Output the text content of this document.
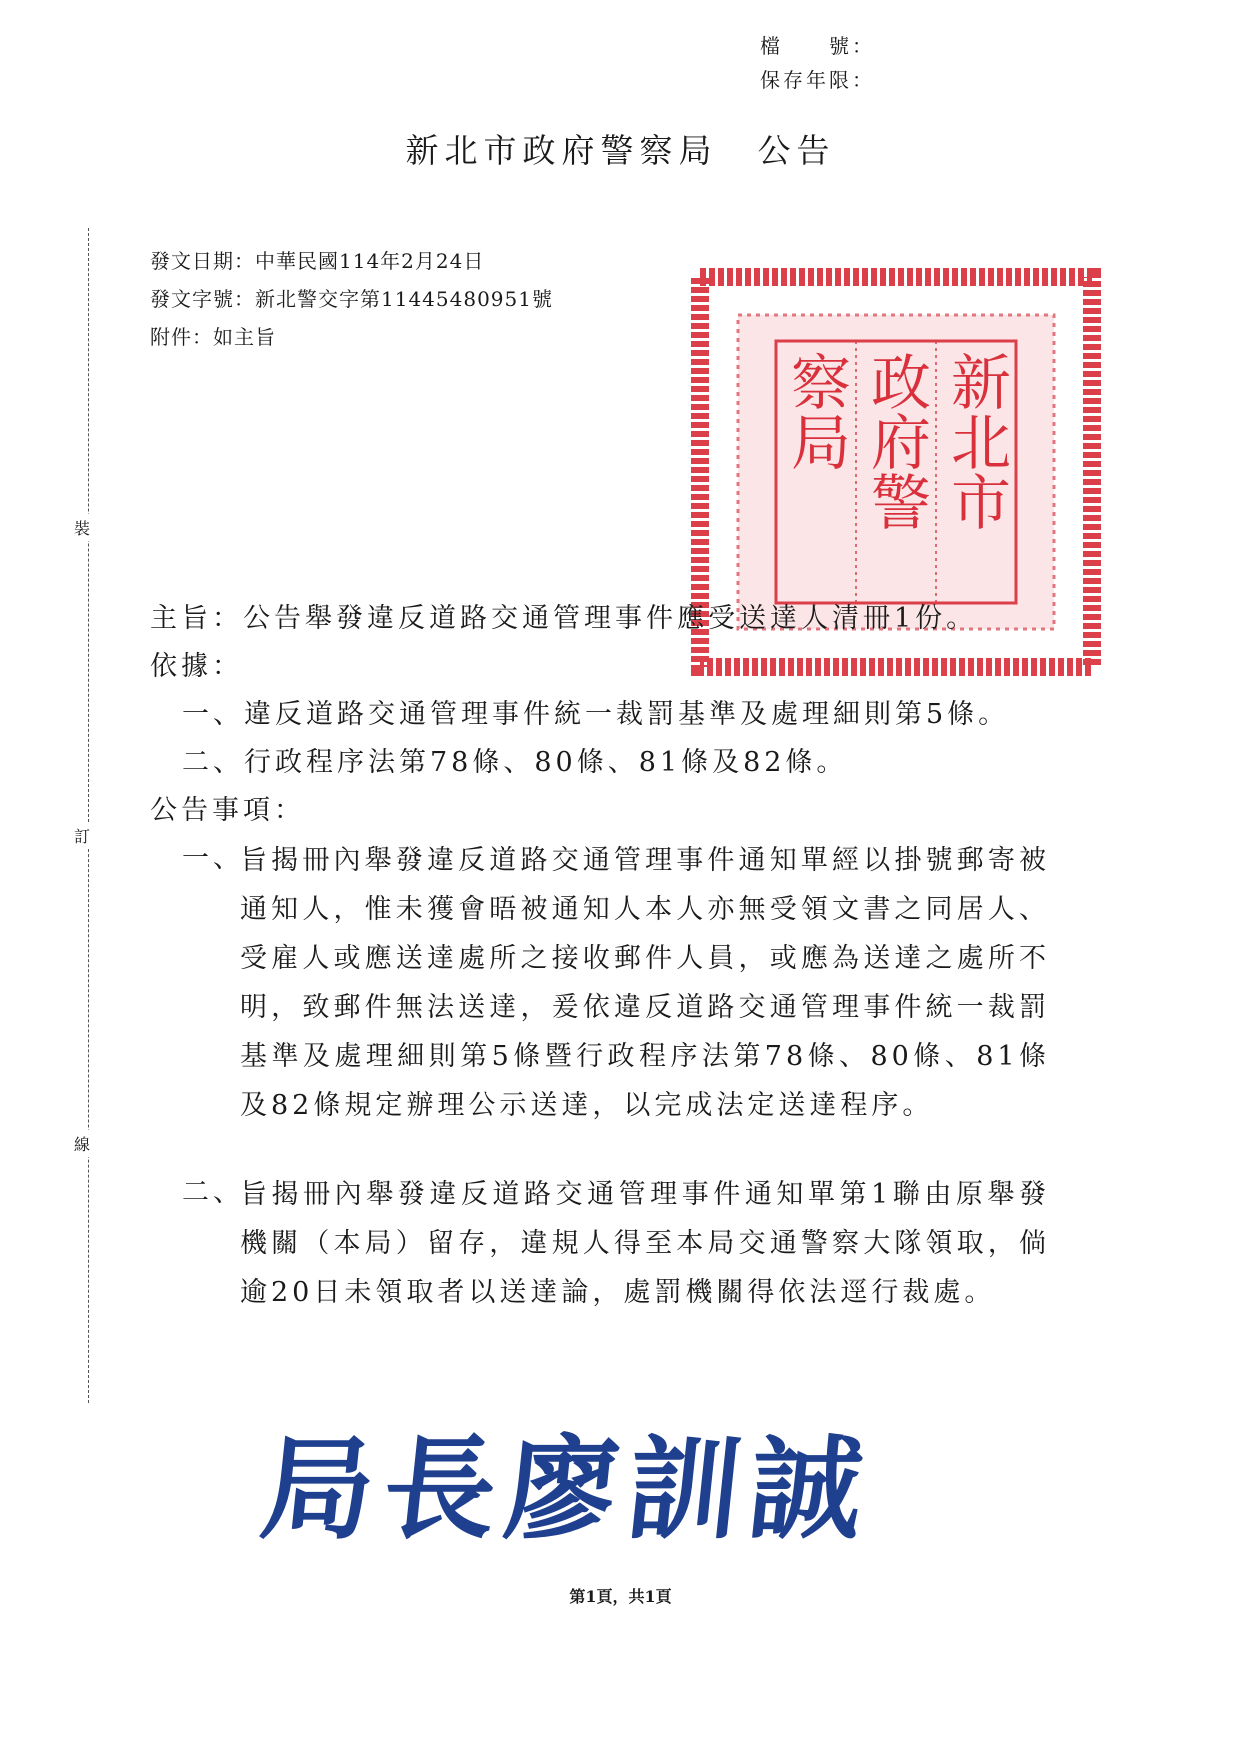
檔　　號：
保存年限：
新北市政府警察局 公告
裝
訂
線
發文日期：中華民國114年2月24日
發文字號：新北警交字第11445480951號
附件：如主旨
新北市
政府警
察局
主旨：公告舉發違反道路交通管理事件應受送達人清冊1份。
依據：
一、違反道路交通管理事件統一裁罰基準及處理細則第5條。
二、行政程序法第78條、80條、81條及82條。
公告事項：
一、
旨揭冊內舉發違反道路交通管理事件通知單經以掛號郵寄被通知人，惟未獲會晤被通知人本人亦無受領文書之同居人、受雇人或應送達處所之接收郵件人員，或應為送達之處所不明，致郵件無法送達，爰依違反道路交通管理事件統一裁罰基準及處理細則第5條暨行政程序法第78條、80條、81條及82條規定辦理公示送達，以完成法定送達程序。
二、
旨揭冊內舉發違反道路交通管理事件通知單第1聯由原舉發機關（本局）留存，違規人得至本局交通警察大隊領取，倘逾20日未領取者以送達論，處罰機關得依法逕行裁處。
局長廖訓誠
第1頁，共1頁
